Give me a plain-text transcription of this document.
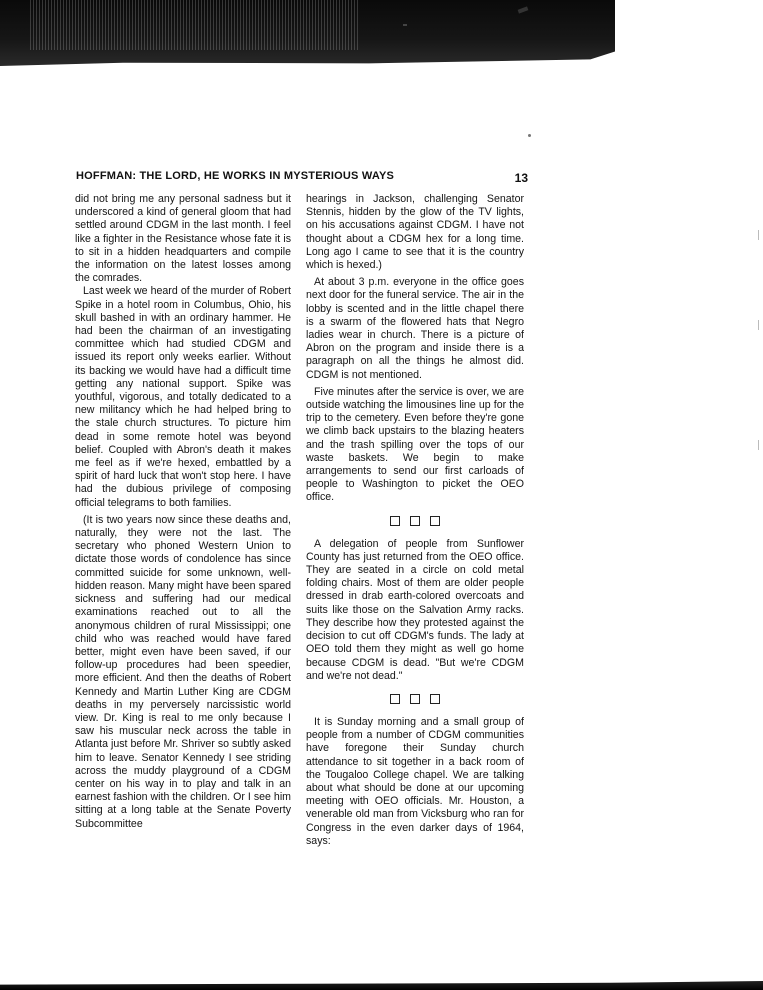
HOFFMAN: THE LORD, HE WORKS IN MYSTERIOUS WAYS	13

did not bring me any personal sadness but it underscored a kind of general gloom that had settled around CDGM in the last month. I feel like a fighter in the Resistance whose fate it is to sit in a hidden headquarters and compile the information on the latest losses among the comrades.

Last week we heard of the murder of Robert Spike in a hotel room in Columbus, Ohio, his skull bashed in with an ordinary hammer. He had been the chairman of an investigating committee which had studied CDGM and issued its report only weeks earlier. Without its backing we would have had a difficult time getting any national support. Spike was youthful, vigorous, and totally dedicated to a new militancy which he had helped bring to the stale church structures. To picture him dead in some remote hotel was beyond belief. Coupled with Abron's death it makes me feel as if we're hexed, embattled by a spirit of hard luck that won't stop here. I have had the dubious privilege of composing official telegrams to both families.

(It is two years now since these deaths and, naturally, they were not the last. The secretary who phoned Western Union to dictate those words of condolence has since committed suicide for some unknown, well-hidden reason. Many might have been spared sickness and suffering had our medical examinations reached out to all the anonymous children of rural Mississippi; one child who was reached would have fared better, might even have been saved, if our follow-up procedures had been speedier, more efficient. And then the deaths of Robert Kennedy and Martin Luther King are CDGM deaths in my perversely narcissistic world view. Dr. King is real to me only because I saw his muscular neck across the table in Atlanta just before Mr. Shriver so subtly asked him to leave. Senator Kennedy I see striding across the muddy playground of a CDGM center on his way in to play and talk in an earnest fashion with the children. Or I see him sitting at a long table at the Senate Poverty Subcommittee

hearings in Jackson, challenging Senator Stennis, hidden by the glow of the TV lights, on his accusations against CDGM. I have not thought about a CDGM hex for a long time. Long ago I came to see that it is the country which is hexed.)

At about 3 p.m. everyone in the office goes next door for the funeral service. The air in the lobby is scented and in the little chapel there is a swarm of the flowered hats that Negro ladies wear in church. There is a picture of Abron on the program and inside there is a paragraph on all the things he almost did. CDGM is not mentioned.

Five minutes after the service is over, we are outside watching the limousines line up for the trip to the cemetery. Even before they're gone we climb back upstairs to the blazing heaters and the trash spilling over the tops of our waste baskets. We begin to make arrangements to send our first carloads of people to Washington to picket the OEO office.

A delegation of people from Sunflower County has just returned from the OEO office. They are seated in a circle on cold metal folding chairs. Most of them are older people dressed in drab earth-colored overcoats and suits like those on the Salvation Army racks. They describe how they protested against the decision to cut off CDGM's funds. The lady at OEO told them they might as well go home because CDGM is dead. "But we're CDGM and we're not dead."

It is Sunday morning and a small group of people from a number of CDGM communities have foregone their Sunday church attendance to sit together in a back room of the Tougaloo College chapel. We are talking about what should be done at our upcoming meeting with OEO officials. Mr. Houston, a venerable old man from Vicksburg who ran for Congress in the even darker days of 1964, says:
